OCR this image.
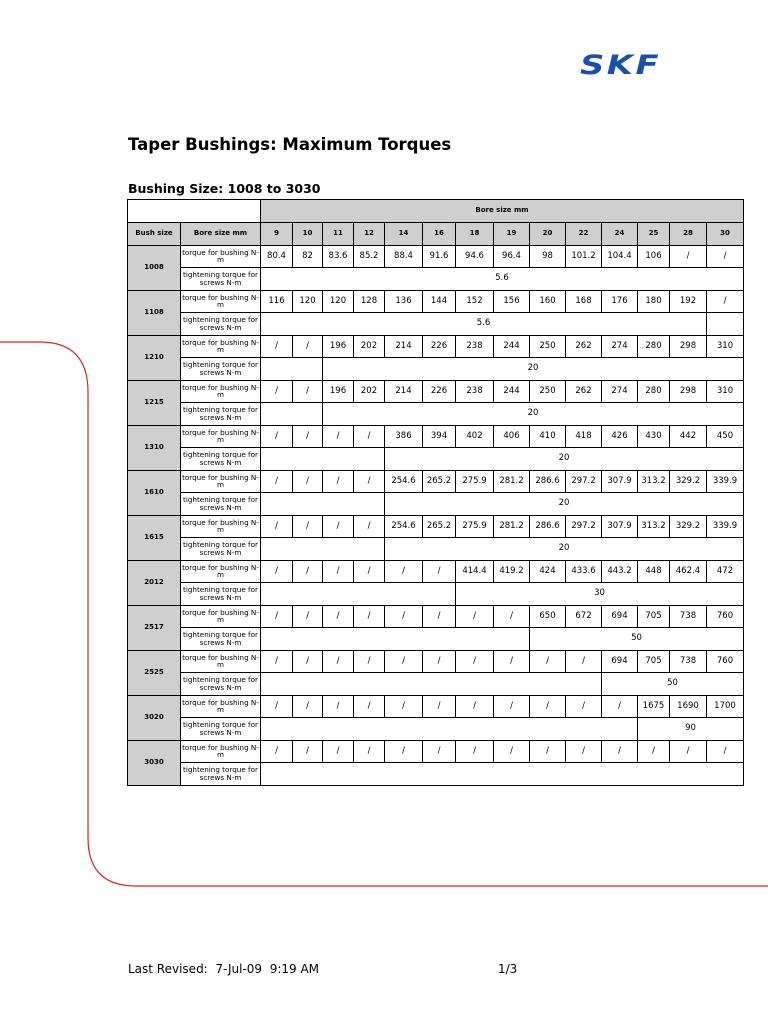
SKF
Taper Bushings: Maximum Torques
Bushing Size: 1008 to 3030
		Bore size mm													
Bush size	Bore size mm	9	10	11	12	14	16	18	19	20	22	24	25	28	30
1008	torque for bushing N-m	80.4	82	83.6	85.2	88.4	91.6	94.6	96.4	98	101.2	104.4	106	/	/
	tightening torque for screws N-m	5.6													
1108	torque for bushing N-m	116	120	120	128	136	144	152	156	160	168	176	180	192	/
	tightening torque for screws N-m	5.6													
1210	torque for bushing N-m	/	/	196	202	214	226	238	244	250	262	274	280	298	310
	tightening torque for screws N-m			20											
1215	torque for bushing N-m	/	/	196	202	214	226	238	244	250	262	274	280	298	310
	tightening torque for screws N-m			20											
1310	torque for bushing N-m	/	/	/	/	386	394	402	406	410	418	426	430	442	450
	tightening torque for screws N-m					20									
1610	torque for bushing N-m	/	/	/	/	254.6	265.2	275.9	281.2	286.6	297.2	307.9	313.2	329.2	339.9
	tightening torque for screws N-m					20									
1615	torque for bushing N-m	/	/	/	/	254.6	265.2	275.9	281.2	286.6	297.2	307.9	313.2	329.2	339.9
	tightening torque for screws N-m					20									
2012	torque for bushing N-m	/	/	/	/	/	/	414.4	419.2	424	433.6	443.2	448	462.4	472
	tightening torque for screws N-m							30							
2517	torque for bushing N-m	/	/	/	/	/	/	/	/	650	672	694	705	738	760
	tightening torque for screws N-m									50					
2525	torque for bushing N-m	/	/	/	/	/	/	/	/	/	/	694	705	738	760
	tightening torque for screws N-m											50			
3020	torque for bushing N-m	/	/	/	/	/	/	/	/	/	/	/	1675	1690	1700
	tightening torque for screws N-m												90		
3030	torque for bushing N-m	/	/	/	/	/	/	/	/	/	/	/	/	/	/
	tightening torque for screws N-m														
Last Revised:  7-Jul-09  9:19 AM	1/3
